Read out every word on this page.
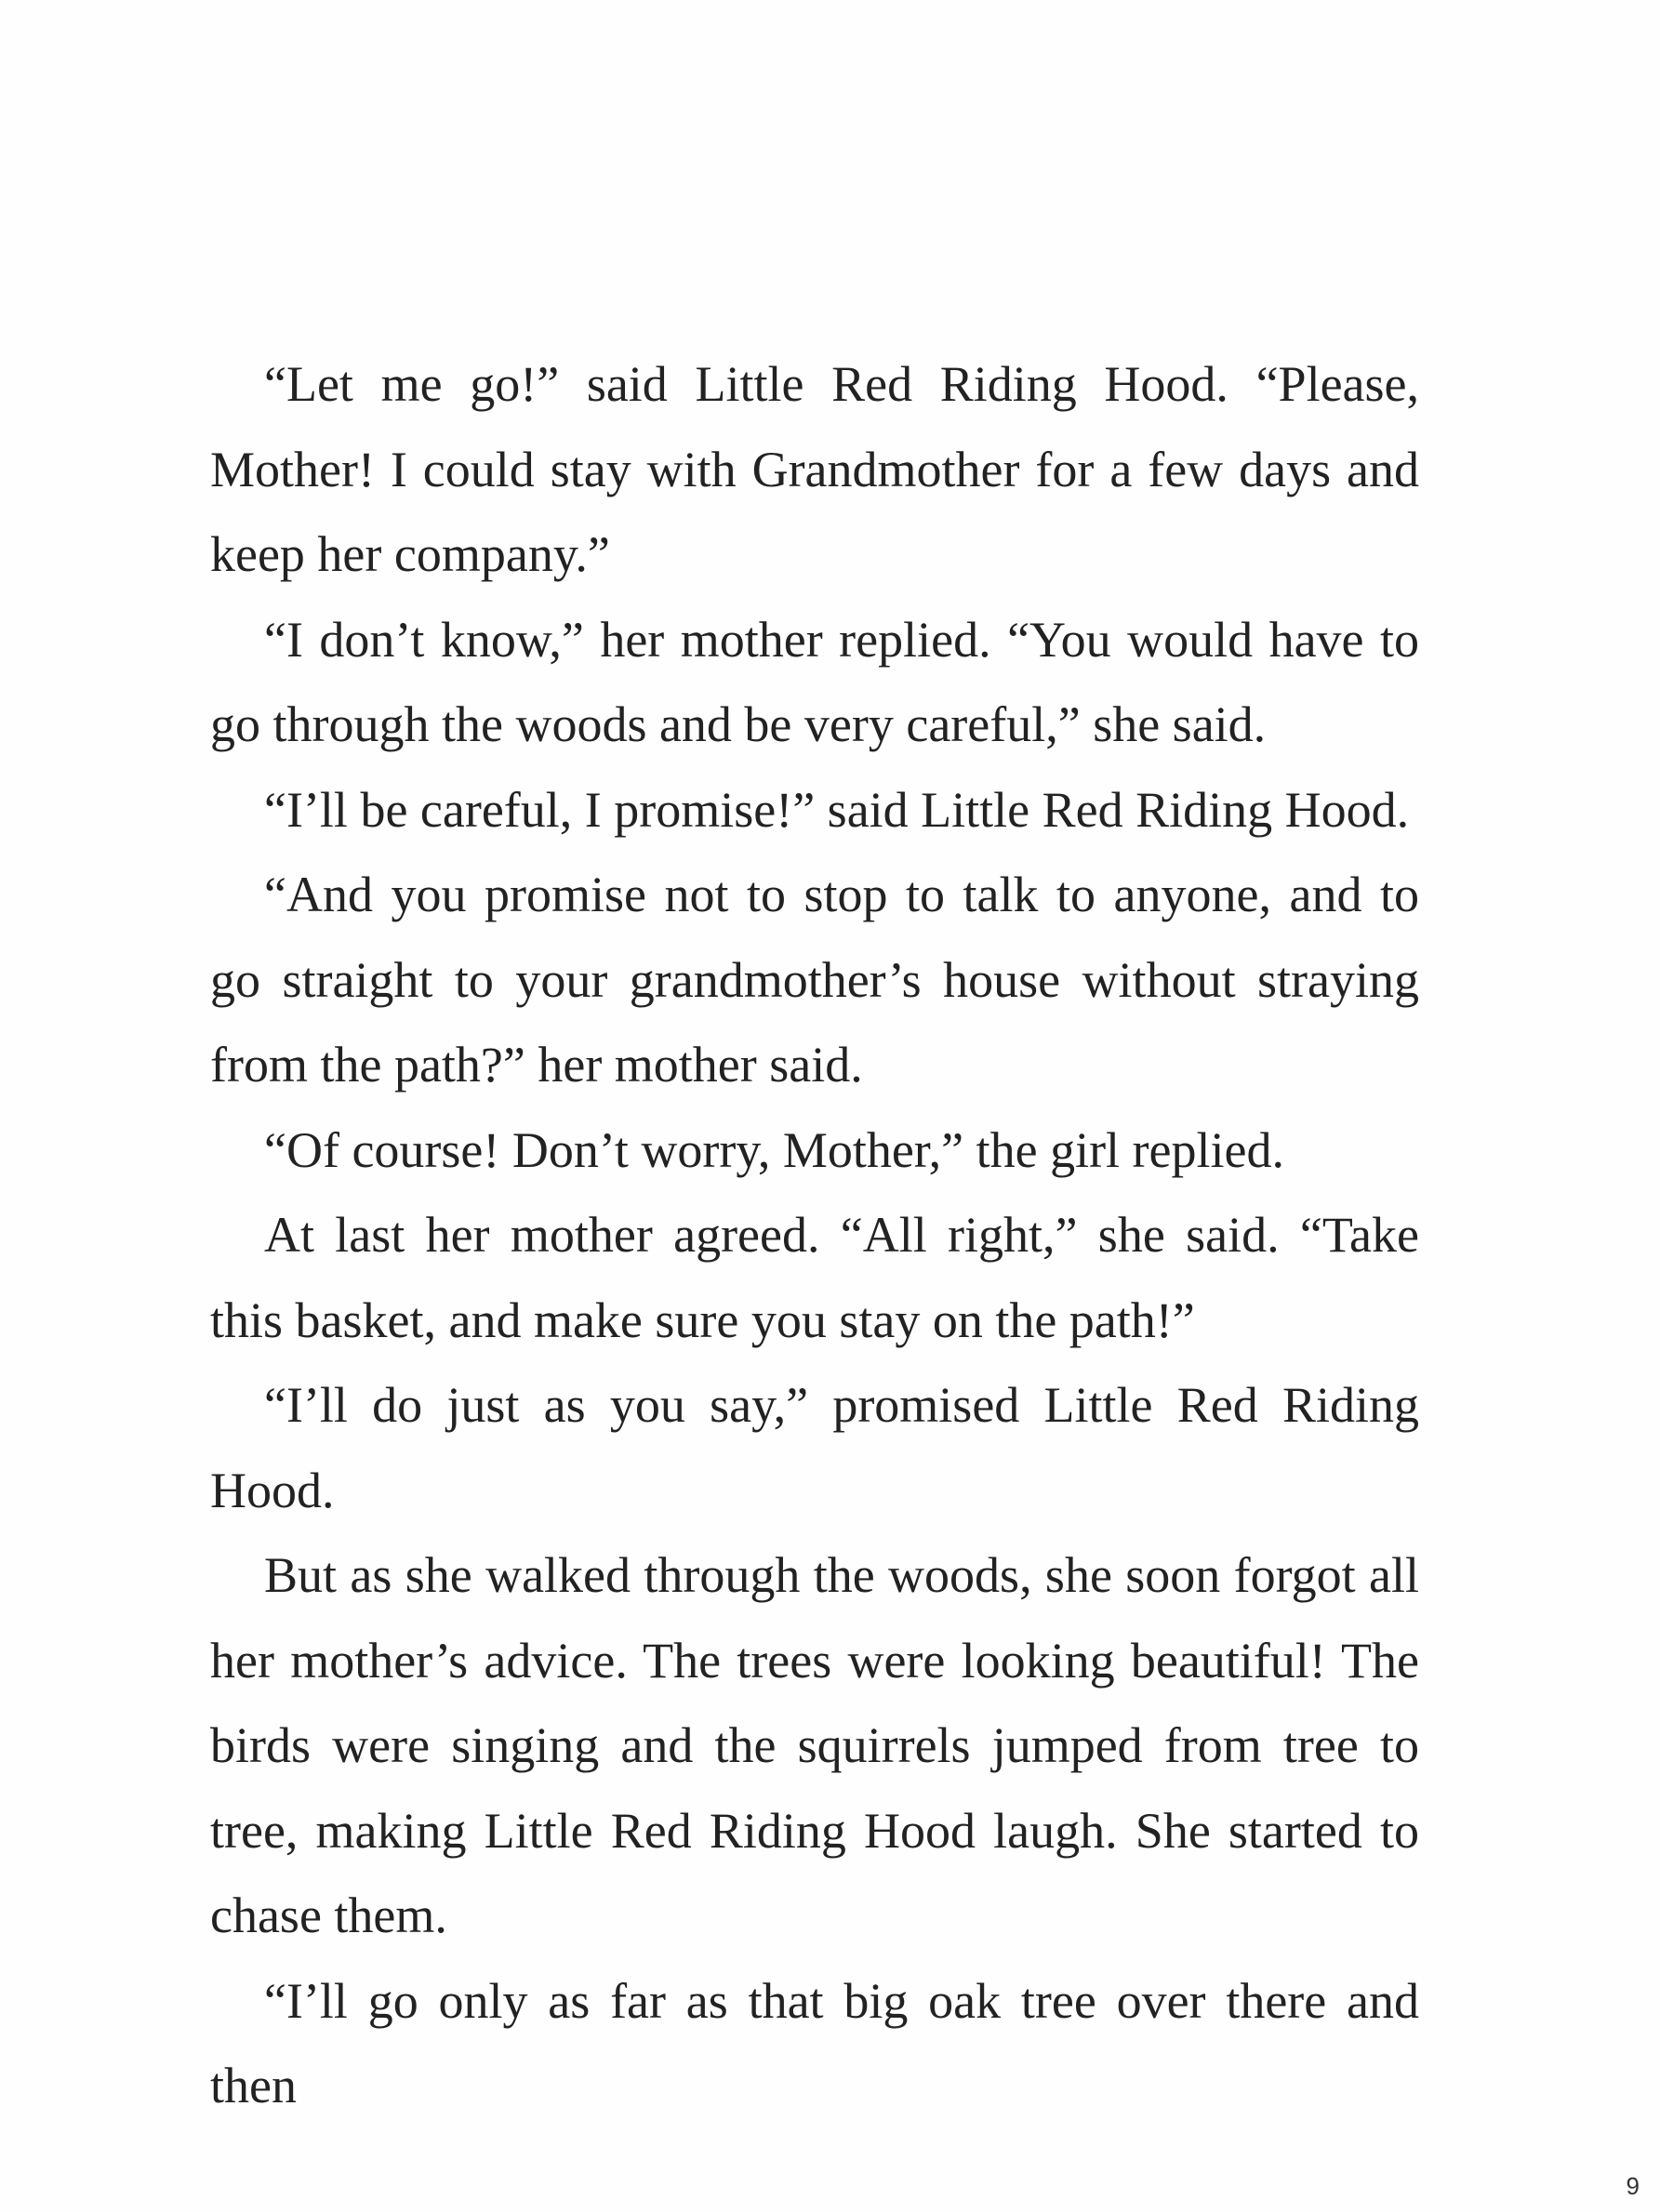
“Let me go!” said Little Red Riding Hood. “Please, Mother! I could stay with Grandmother for a few days and keep her company.”

“I don’t know,” her mother replied. “You would have to go through the woods and be very careful,” she said.

“I’ll be careful, I promise!” said Little Red Riding Hood.

“And you promise not to stop to talk to anyone, and to go straight to your grandmother’s house without straying from the path?” her mother said.

“Of course! Don’t worry, Mother,” the girl replied.

At last her mother agreed. “All right,” she said. “Take this basket, and make sure you stay on the path!”

“I’ll do just as you say,” promised Little Red Riding Hood.

But as she walked through the woods, she soon forgot all her mother’s advice. The trees were looking beautiful! The birds were singing and the squirrels jumped from tree to tree, making Little Red Riding Hood laugh. She started to chase them.

“I’ll go only as far as that big oak tree over there and then

9
